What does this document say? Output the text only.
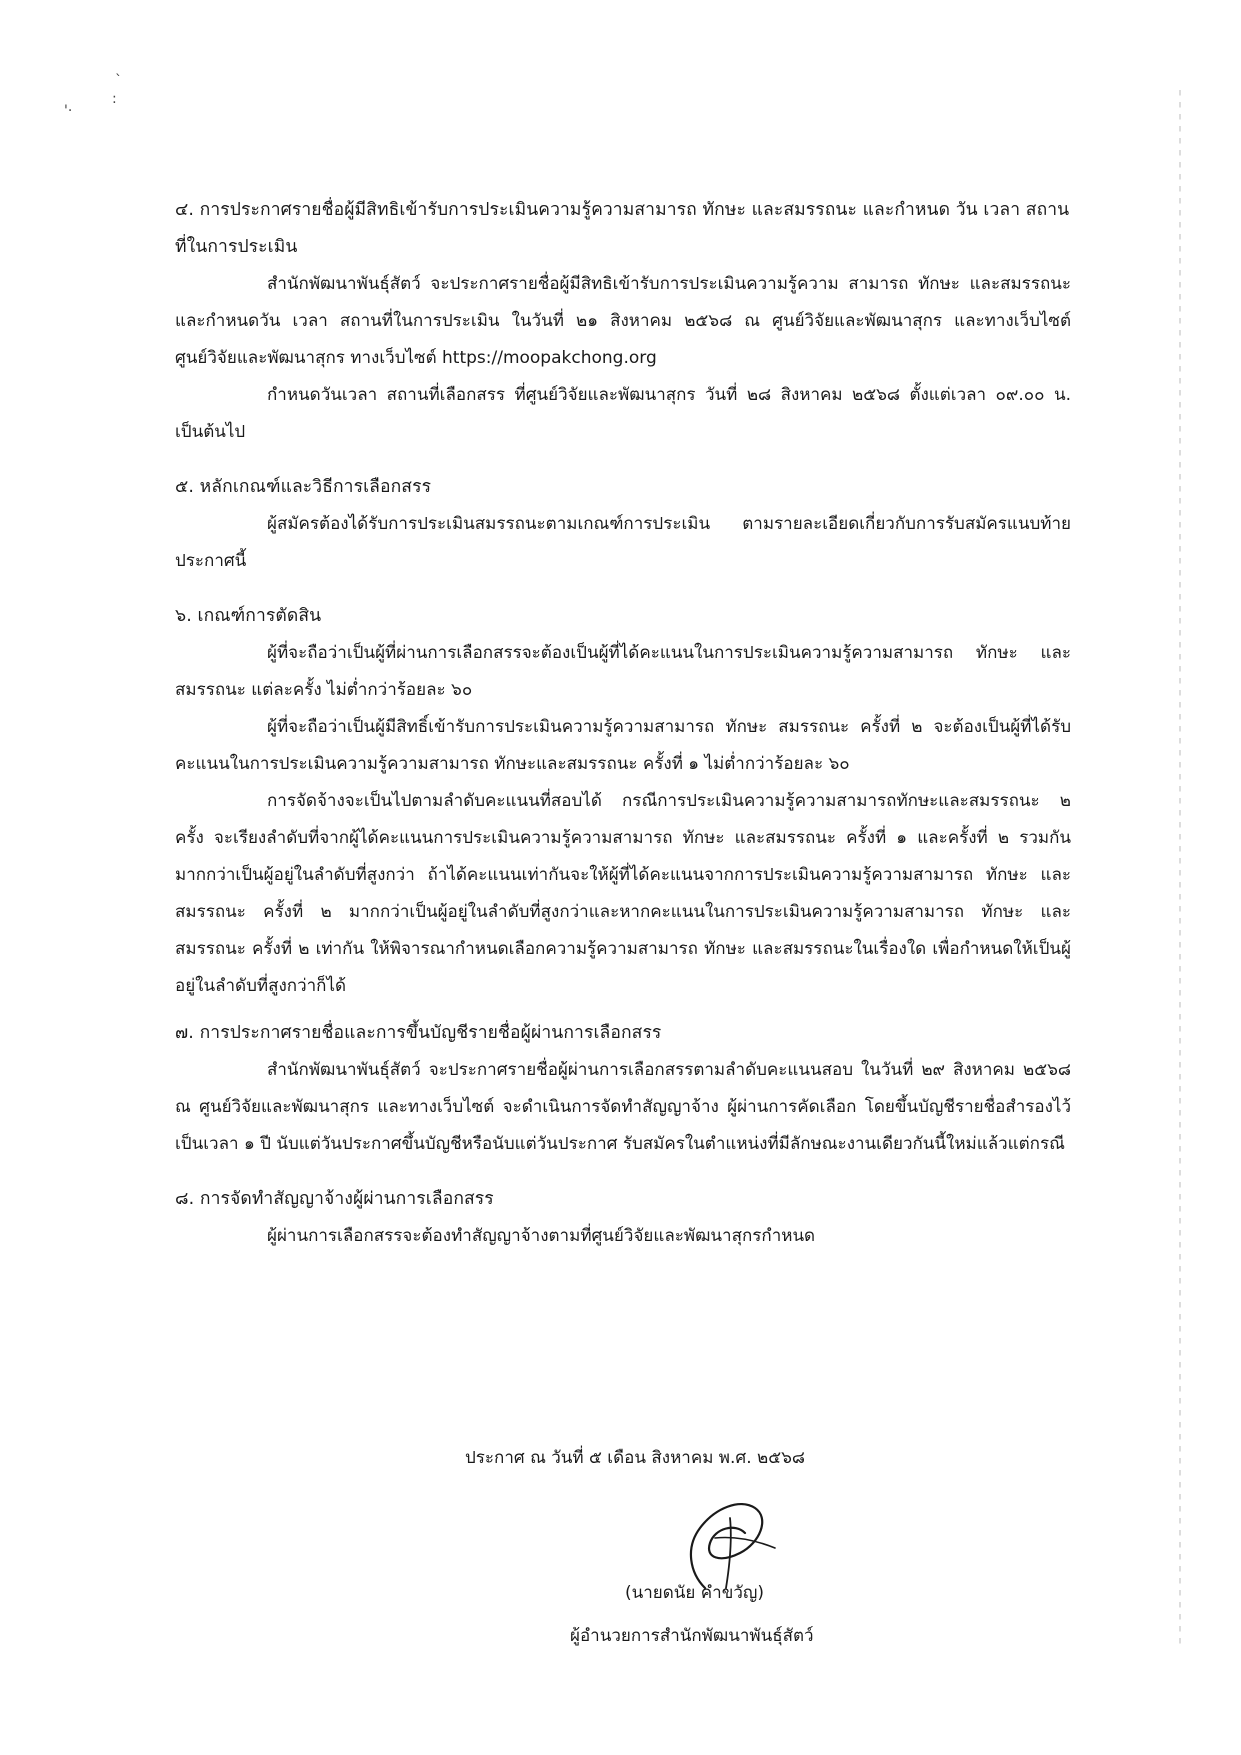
`
:
'·

๔. การประกาศรายชื่อผู้มีสิทธิเข้ารับการประเมินความรู้ความสามารถ ทักษะ และสมรรถนะ และกำหนด วัน เวลา สถานที่ในการประเมิน

สำนักพัฒนาพันธุ์สัตว์ จะประกาศรายชื่อผู้มีสิทธิเข้ารับการประเมินความรู้ความ สามารถ ทักษะ และสมรรถนะ และกำหนดวัน เวลา สถานที่ในการประเมิน ในวันที่ ๒๑ สิงหาคม ๒๕๖๘ ณ ศูนย์วิจัยและพัฒนาสุกร และทางเว็บไซต์ศูนย์วิจัยและพัฒนาสุกร ทางเว็บไซต์ https://moopakchong.org

กำหนดวันเวลา สถานที่เลือกสรร ที่ศูนย์วิจัยและพัฒนาสุกร วันที่ ๒๘ สิงหาคม ๒๕๖๘ ตั้งแต่เวลา ๐๙.๐๐ น. เป็นต้นไป

๕. หลักเกณฑ์และวิธีการเลือกสรร

ผู้สมัครต้องได้รับการประเมินสมรรถนะตามเกณฑ์การประเมิน ตามรายละเอียดเกี่ยวกับการรับสมัครแนบท้ายประกาศนี้

๖. เกณฑ์การตัดสิน

ผู้ที่จะถือว่าเป็นผู้ที่ผ่านการเลือกสรรจะต้องเป็นผู้ที่ได้คะแนนในการประเมินความรู้ความสามารถ ทักษะ และสมรรถนะ แต่ละครั้ง ไม่ต่ำกว่าร้อยละ ๖๐

ผู้ที่จะถือว่าเป็นผู้มีสิทธิ์เข้ารับการประเมินความรู้ความสามารถ ทักษะ สมรรถนะ ครั้งที่ ๒ จะต้องเป็นผู้ที่ได้รับคะแนนในการประเมินความรู้ความสามารถ ทักษะและสมรรถนะ ครั้งที่ ๑ ไม่ต่ำกว่าร้อยละ ๖๐

การจัดจ้างจะเป็นไปตามลำดับคะแนนที่สอบได้ กรณีการประเมินความรู้ความสามารถทักษะและสมรรถนะ ๒ ครั้ง จะเรียงลำดับที่จากผู้ได้คะแนนการประเมินความรู้ความสามารถ ทักษะ และสมรรถนะ ครั้งที่ ๑ และครั้งที่ ๒ รวมกันมากกว่าเป็นผู้อยู่ในลำดับที่สูงกว่า ถ้าได้คะแนนเท่ากันจะให้ผู้ที่ได้คะแนนจากการประเมินความรู้ความสามารถ ทักษะ และสมรรถนะ ครั้งที่ ๒ มากกว่าเป็นผู้อยู่ในลำดับที่สูงกว่าและหากคะแนนในการประเมินความรู้ความสามารถ ทักษะ และสมรรถนะ ครั้งที่ ๒ เท่ากัน ให้พิจารณากำหนดเลือกความรู้ความสามารถ ทักษะ และสมรรถนะในเรื่องใด เพื่อกำหนดให้เป็นผู้อยู่ในลำดับที่สูงกว่าก็ได้

๗. การประกาศรายชื่อและการขึ้นบัญชีรายชื่อผู้ผ่านการเลือกสรร

สำนักพัฒนาพันธุ์สัตว์ จะประกาศรายชื่อผู้ผ่านการเลือกสรรตามลำดับคะแนนสอบ ในวันที่ ๒๙ สิงหาคม ๒๕๖๘ ณ ศูนย์วิจัยและพัฒนาสุกร และทางเว็บไซต์ จะดำเนินการจัดทำสัญญาจ้าง ผู้ผ่านการคัดเลือก โดยขึ้นบัญชีรายชื่อสำรองไว้เป็นเวลา ๑ ปี นับแต่วันประกาศขึ้นบัญชีหรือนับแต่วันประกาศ รับสมัครในตำแหน่งที่มีลักษณะงานเดียวกันนี้ใหม่แล้วแต่กรณี

๘. การจัดทำสัญญาจ้างผู้ผ่านการเลือกสรร

ผู้ผ่านการเลือกสรรจะต้องทำสัญญาจ้างตามที่ศูนย์วิจัยและพัฒนาสุกรกำหนด

ประกาศ ณ วันที่ ๕ เดือน สิงหาคม พ.ศ. ๒๕๖๘
(นายดนัย คำขวัญ)
ผู้อำนวยการสำนักพัฒนาพันธุ์สัตว์
